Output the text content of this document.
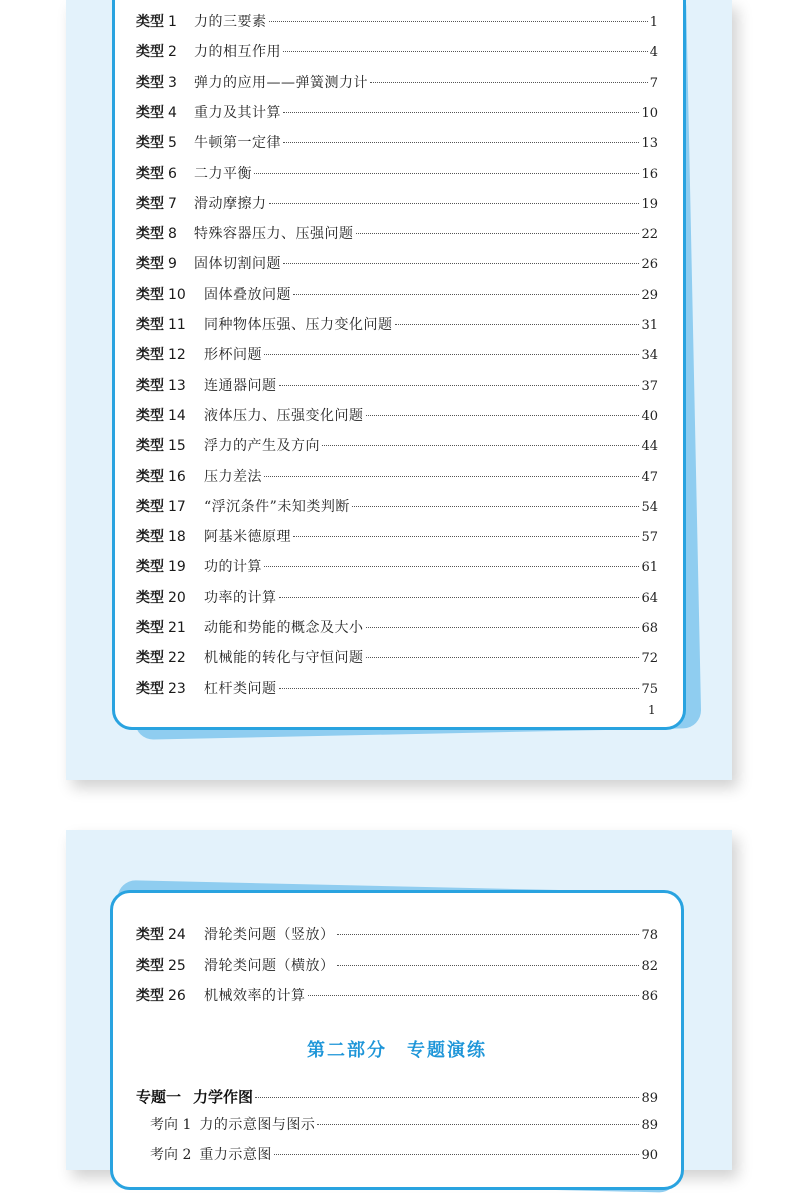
类型 1	力的三要素	1
类型 2	力的相互作用	4
类型 3	弹力的应用——弹簧测力计	7
类型 4	重力及其计算	10
类型 5	牛顿第一定律	13
类型 6	二力平衡	16
类型 7	滑动摩擦力	19
类型 8	特殊容器压力、压强问题	22
类型 9	固体切割问题	26
类型 10	固体叠放问题	29
类型 11	同种物体压强、压力变化问题	31
类型 12	形杯问题	34
类型 13	连通器问题	37
类型 14	液体压力、压强变化问题	40
类型 15	浮力的产生及方向	44
类型 16	压力差法	47
类型 17	“浮沉条件”未知类判断	54
类型 18	阿基米德原理	57
类型 19	功的计算	61
类型 20	功率的计算	64
类型 21	动能和势能的概念及大小	68
类型 22	机械能的转化与守恒问题	72
类型 23	杠杆类问题	75
1
类型 24	滑轮类问题（竖放）	78
类型 25	滑轮类问题（横放）	82
类型 26	机械效率的计算	86
第二部分　专题演练
专题一 力学作图	89
考向 1 力的示意图与图示	89
考向 2 重力示意图	90
